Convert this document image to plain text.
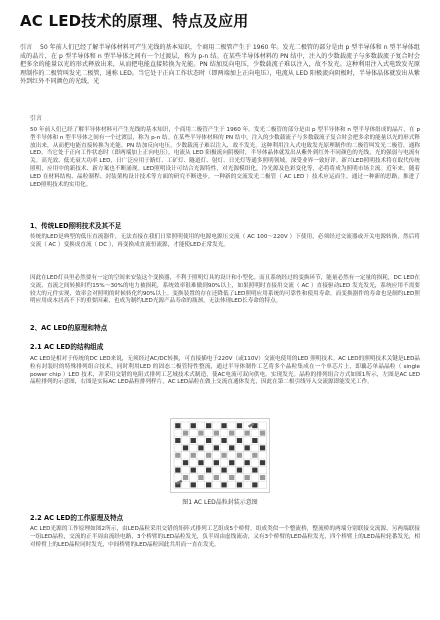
AC LED技术的原理、特点及应用

引言 50 年前人们已经了解半导体材料可产生光线的基本知识，个商用二极管产生于 1960 年。发光二极管的部分是由 p 型半导体和 n 型半导体组成的晶片，在 p 型半导体和 n 型半导体之间有一个过渡层，称为 p-n 结。在某些半导体材料的 PN 结中，注入的少数载流子与多数载流子复合时会把多余的能量以光的形式释放出来，从而把电能直接转换为光能。PN 结加反向电压，少数载流子难以注入，故不发光。这种利用注入式电致发光原理制作的二极管叫发光二极管，通称 LED。当它处于正向工作状态时（即两端加上正向电压），电流从 LED 阳极流向阴极时，半导体晶体就发出从紫外到红外不同颜色的光线，光

引言

50 年前人们已经了解半导体材料可产生光线的基本知识，个商用二极管产生于 1960 年。发光二极管的部分是由 p 型半导体和 n 型半导体组成的晶片，在 p 型半导体和 n 型半导体之间有一个过渡层，称为 p-n 结。在某些半导体材料的 PN 结中，注入的少数载流子与多数载流子复合时会把多余的能量以光的形式释放出来，从而把电能直接转换为光能。PN 结加反向电压，少数载流子难以注入，故不发光。这种利用注入式电致发光原理制作的二极管叫发光二极管，通称 LED。当它处于正向工作状态时（即两端加上正向电压），电流从 LED 阳极流向阴极时，半导体晶体就发出从紫外到红外不同颜色的光线，光的强弱与电流有关。高光效、低光衰大功率 LED，日广泛应用于路灯、工矿灯、隧道灯、射灯、日光灯等通多照明领域，深受业界一致好评。新兴LED照明技术将在取代传统照明，应用中的新技术、新方案也不断涌现。LED照明设计可结合光源特性，对光源模组化，冷光源及色彩变化等，必将将成为照明市场主流。近年来，随着 LED 在材料结构、晶粒制程、封装架构设计技术等方面的研究不断进步，一种新的交流发光二极管（ AC LED ）技术应运而生，通过一种新的思路，推进了 LED照明技术的实用化。

1、传统LED照明技术及其不足

传统的LED是典型的低压直流器件，无法直接在我们日常照明使用的电源电源压交流（ AC 100～220V ）下使用，必须经过交流器或开关电源转换，然后将交流（ AC ）变换成直流（ DC ），再变换成直流恒流源，才能使LED正常发光。

因此在LED灯具里必然要有一定的空间来安装这个变换器，不利于照明灯具的设计和小型化。而且系统经过的变换环节，能量必然有一定量的损耗，DC LED在交流、直流之间转换时约15%～30%的电力被损耗，系统效率很难做到90%以上，如果照明时直接用交流（ AC ）直接驱动LED 发光发光，系统应用不需要较大的元件实现，效率会对照明的时候转化约90%以上。变换装置的存在还降低了LED照明应用系统的可靠性和使用寿命，而变换器件的寿命也是制约LED照明应用成本居高不下的重要因素，也成为制约LED光源产品寿命的瓶颈，无法体现LED长寿命的特点。

2、AC LED的原理和特点

2.1 AC LED的结构组成

AC LED是相对于传统的DC LED来说，无须经过AC/DC转换，可直接插电于220V（或110V）交流电使用的LED 照明技术。AC LED的照明技术关键是LED晶粒有封装时的特殊排列组合技术，同时利用LED 的固态二极管特性整流，通过半导体制作工艺将多个晶粒集成在一个单芯片上，即藕芯单晶晶粒（ single power chip ）LED 技术，并采用交错的电阻式排列工艺域技术式制造，使AC电流可双向供电，实现发光。晶粒的排列组合方式如图1所示，左图是AC LED晶粒排列的示意图，右图是实际AC LED晶粒排列样片，AC LED晶粒在做上交流直通体发光，因此在第二根引线导入交流源即能发光工作。

图1 AC LED晶粒封装示意图

2.2 AC LED的工作原理及特点

AC LED光源的工作原理如图2所示，由LED晶粒采用交错的矩阵式排列工艺组成5个桥臂，组成类似一个整流桥，整流桥的两端分别联接交流源，另两端联接一组LED晶粒，交流的正半周由流经电路，3个桥臂的LED晶粒发光，负半周由虚线流动，又有3个桥臂的LED晶粒发光，四个桥臂上的LED晶粒轮番发光，相对桥臂上的LED晶粒同时发光，中间桥臂的LED晶粒因此共用而一直在发光。
